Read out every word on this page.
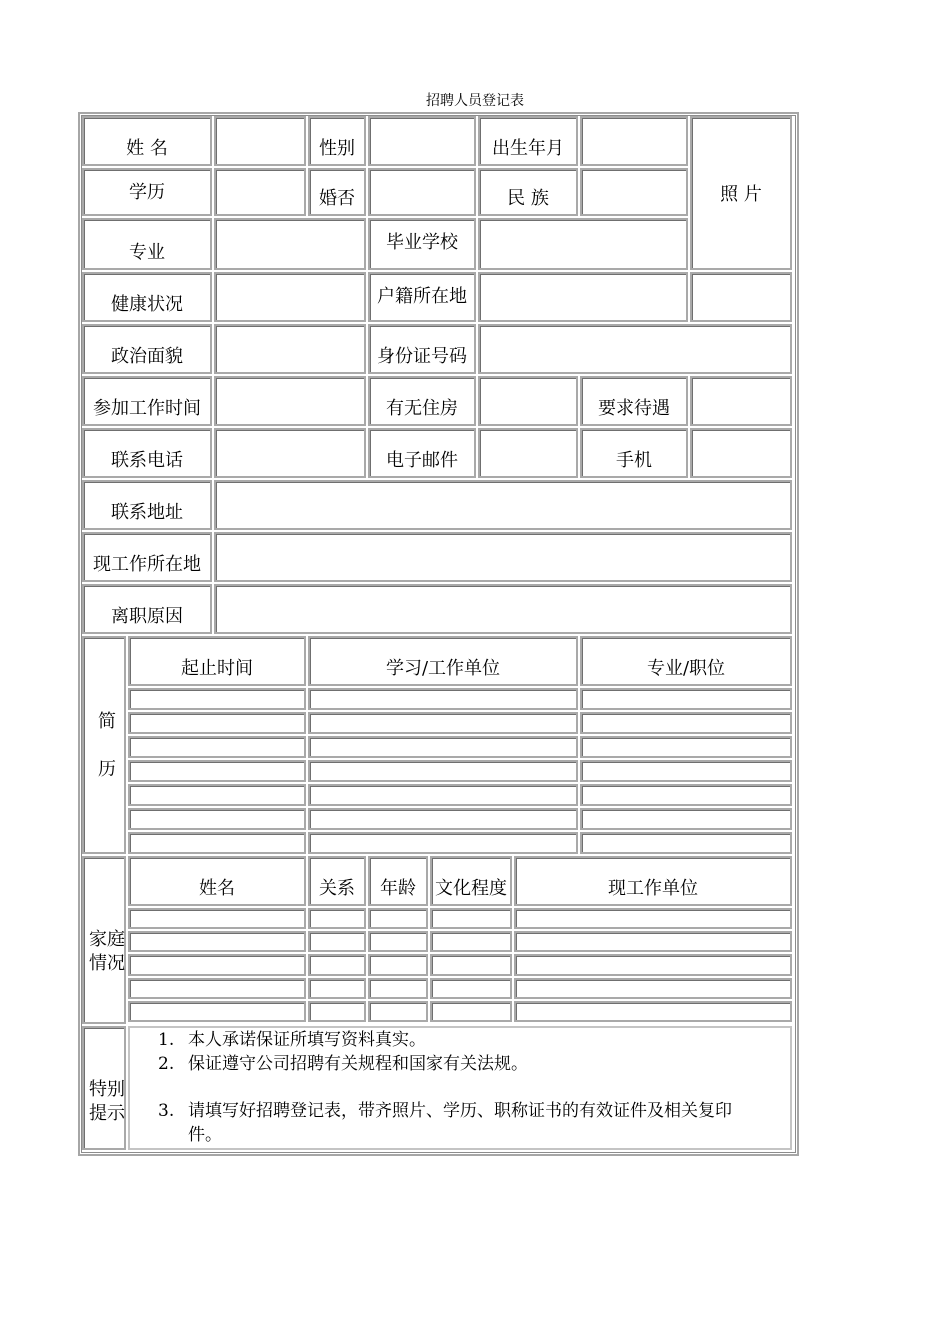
招聘人员登记表
姓 名	性别	出生年月
照 片
学历	婚否	民 族
专业	毕业学校
健康状况	户籍所在地
政治面貌	身份证号码
参加工作时间	有无住房	要求待遇
联系电话	电子邮件	手机
联系地址
现工作所在地
离职原因
简
历
起止时间	学习/工作单位	专业/职位
家庭
情况
姓名	关系	年龄	文化程度	现工作单位
特别
提示
1. 本人承诺保证所填写资料真实。
2. 保证遵守公司招聘有关规程和国家有关法规。
3. 请填写好招聘登记表，带齐照片、学历、职称证书的有效证件及相关复印
件。
